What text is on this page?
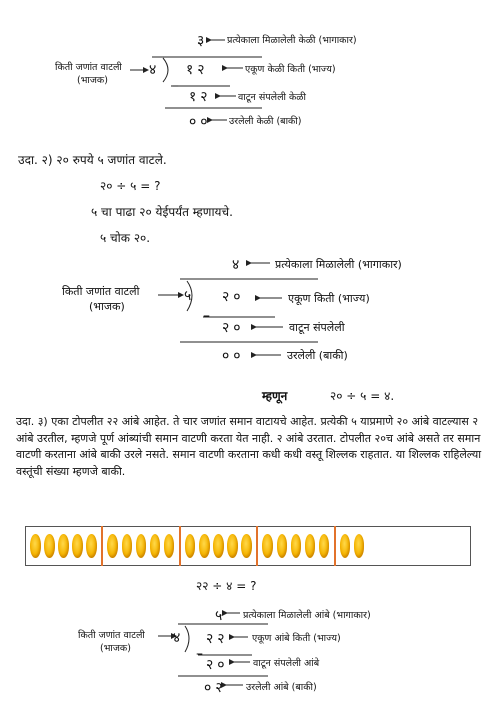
३ प्रत्येकाला मिळालेली केळी (भागाकार)
किती जणांत वाटली
(भाजक)
४ १२	एकूण केळी किती (भाज्य)
–
१२	वाटून संपलेली केळी
०० उरलेली केळी (बाकी)
उदा. २) २० रुपये ५ जणांत वाटले.
२० ÷ ५ = ?
५ चा पाढा २० येईपर्यंत म्हणायचे.
५ चोक २०.
४	प्रत्येकाला मिळालेली (भागाकार)
किती जणांत वाटली
(भाजक)
५ २०	एकूण किती (भाज्य)
–
२०	वाटून संपलेली
००	उरलेली (बाकी)
म्हणून	२० ÷ ५ = ४.
उदा. ३) एका टोपलीत २२ आंबे आहेत. ते चार जणांत समान वाटायचे आहेत. प्रत्येकी ५ याप्रमाणे २० आंबे वाटल्यास २ आंबे उरतील, म्हणजे पूर्ण आंब्यांची समान वाटणी करता येत नाही. २ आंबे उरतात. टोपलीत २०च आंबे असते तर समान वाटणी करताना आंबे बाकी उरले नसते. समान वाटणी करताना कधी कधी वस्तू शिल्लक राहतात. या शिल्लक राहिलेल्या वस्तूंची संख्या म्हणजे बाकी.
२२ ÷ ४ = ?
५ प्रत्येकाला मिळालेली आंबे (भागाकार)
किती जणांत वाटली
(भाजक)
४ २२ एकूण आंबे किती (भाज्य)
–
२०	वाटून संपलेली आंबे
०२ उरलेली आंबे (बाकी)
